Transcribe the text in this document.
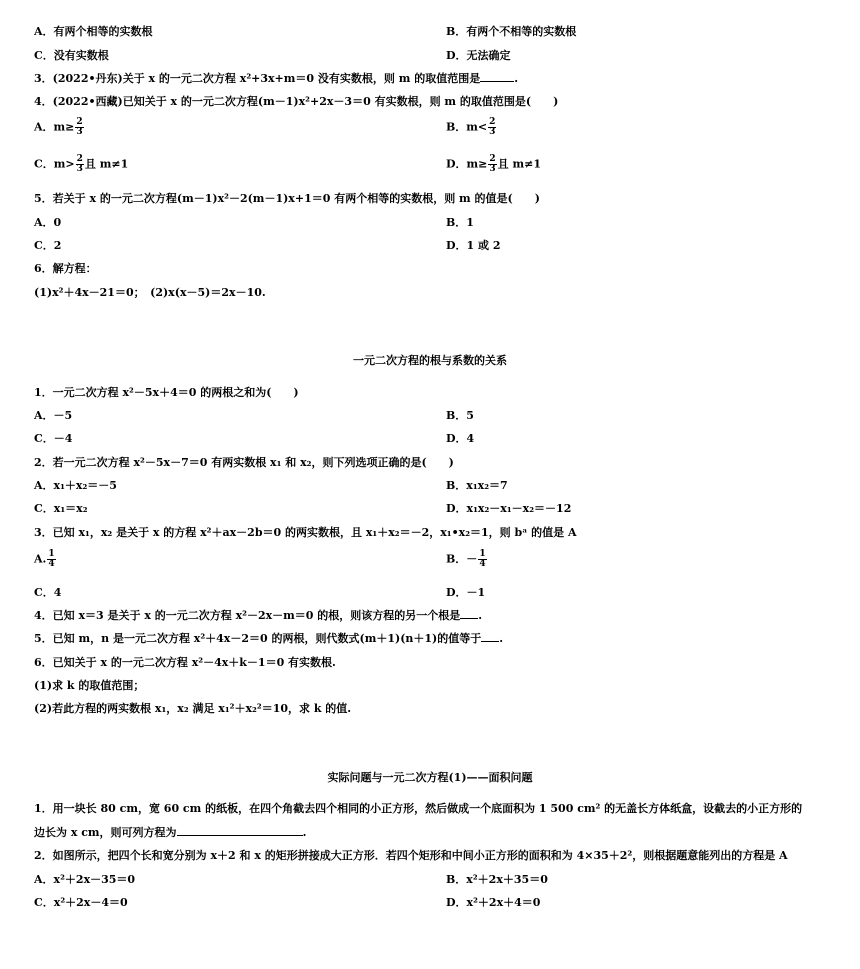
A．有两个相等的实数根	B．有两个不相等的实数根
C．没有实数根	D．无法确定
3．(2022•丹东)关于 x 的一元二次方程 x²+3x+m＝0 没有实数根，则 m 的取值范围是	.
4．(2022•西藏)已知关于 x 的一元二次方程(m－1)x²+2x－3＝0 有实数根，则 m 的取值范围是(　　)
A．$m\ge \frac{2}{3}$	B．$m< \frac{2}{3}$
C．$m> \frac{2}{3}$ 且 m≠1	D．$m\ge \frac{2}{3}$ 且 m≠1
5．若关于 x 的一元二次方程(m－1)x²－2(m－1)x+1＝0 有两个相等的实数根，则 m 的值是(　　)
A．0	B．1
C．2	D．1 或 2
6．解方程：
(1)x²＋4x－21＝0；　(2)x(x－5)＝2x－10.
一元二次方程的根与系数的关系
1．一元二次方程 x²－5x＋4＝0 的两根之和为(　　)
A．－5	B．5
C．－4	D．4
2．若一元二次方程 x²－5x－7＝0 有两实数根 x₁ 和 x₂，则下列选项正确的是(　　)
A．x₁＋x₂＝－5	B．x₁x₂＝7
C．x₁＝x₂	D．x₁x₂－x₁－x₂＝－12
3．已知 x₁，x₂ 是关于 x 的方程 x²＋ax－2b＝0 的两实数根，且 x₁＋x₂＝－2，x₁•x₂＝1，则 bᵃ 的值是 A
A. $\frac{1}{4}$	B．－ $\frac{1}{4}$
C．4	D．－1
4．已知 x＝3 是关于 x 的一元二次方程 x²－2x－m＝0 的根，则该方程的另一个根是 .
5．已知 m，n 是一元二次方程 x²＋4x－2＝0 的两根，则代数式(m＋1)(n＋1)的值等于 .
6．已知关于 x 的一元二次方程 x²－4x＋k－1＝0 有实数根.
(1)求 k 的取值范围；
(2)若此方程的两实数根 x₁，x₂ 满足 x₁²＋x₂²＝10，求 k 的值.
实际问题与一元二次方程(1)——面积问题
1．用一块长 80 cm，宽 60 cm 的纸板，在四个角截去四个相同的小正方形，然后做成一个底面积为 1 500 cm² 的无盖长方体纸盒，设截去的小正方形的
边长为 x cm，则可列方程为	.
2．如图所示，把四个长和宽分别为 x＋2 和 x 的矩形拼接成大正方形．若四个矩形和中间小正方形的面积和为 4×35＋2²，则根据题意能列出的方程是 A
A．x²＋2x－35＝0	B．x²＋2x＋35＝0
C．x²＋2x－4＝0	D．x²＋2x＋4＝0
